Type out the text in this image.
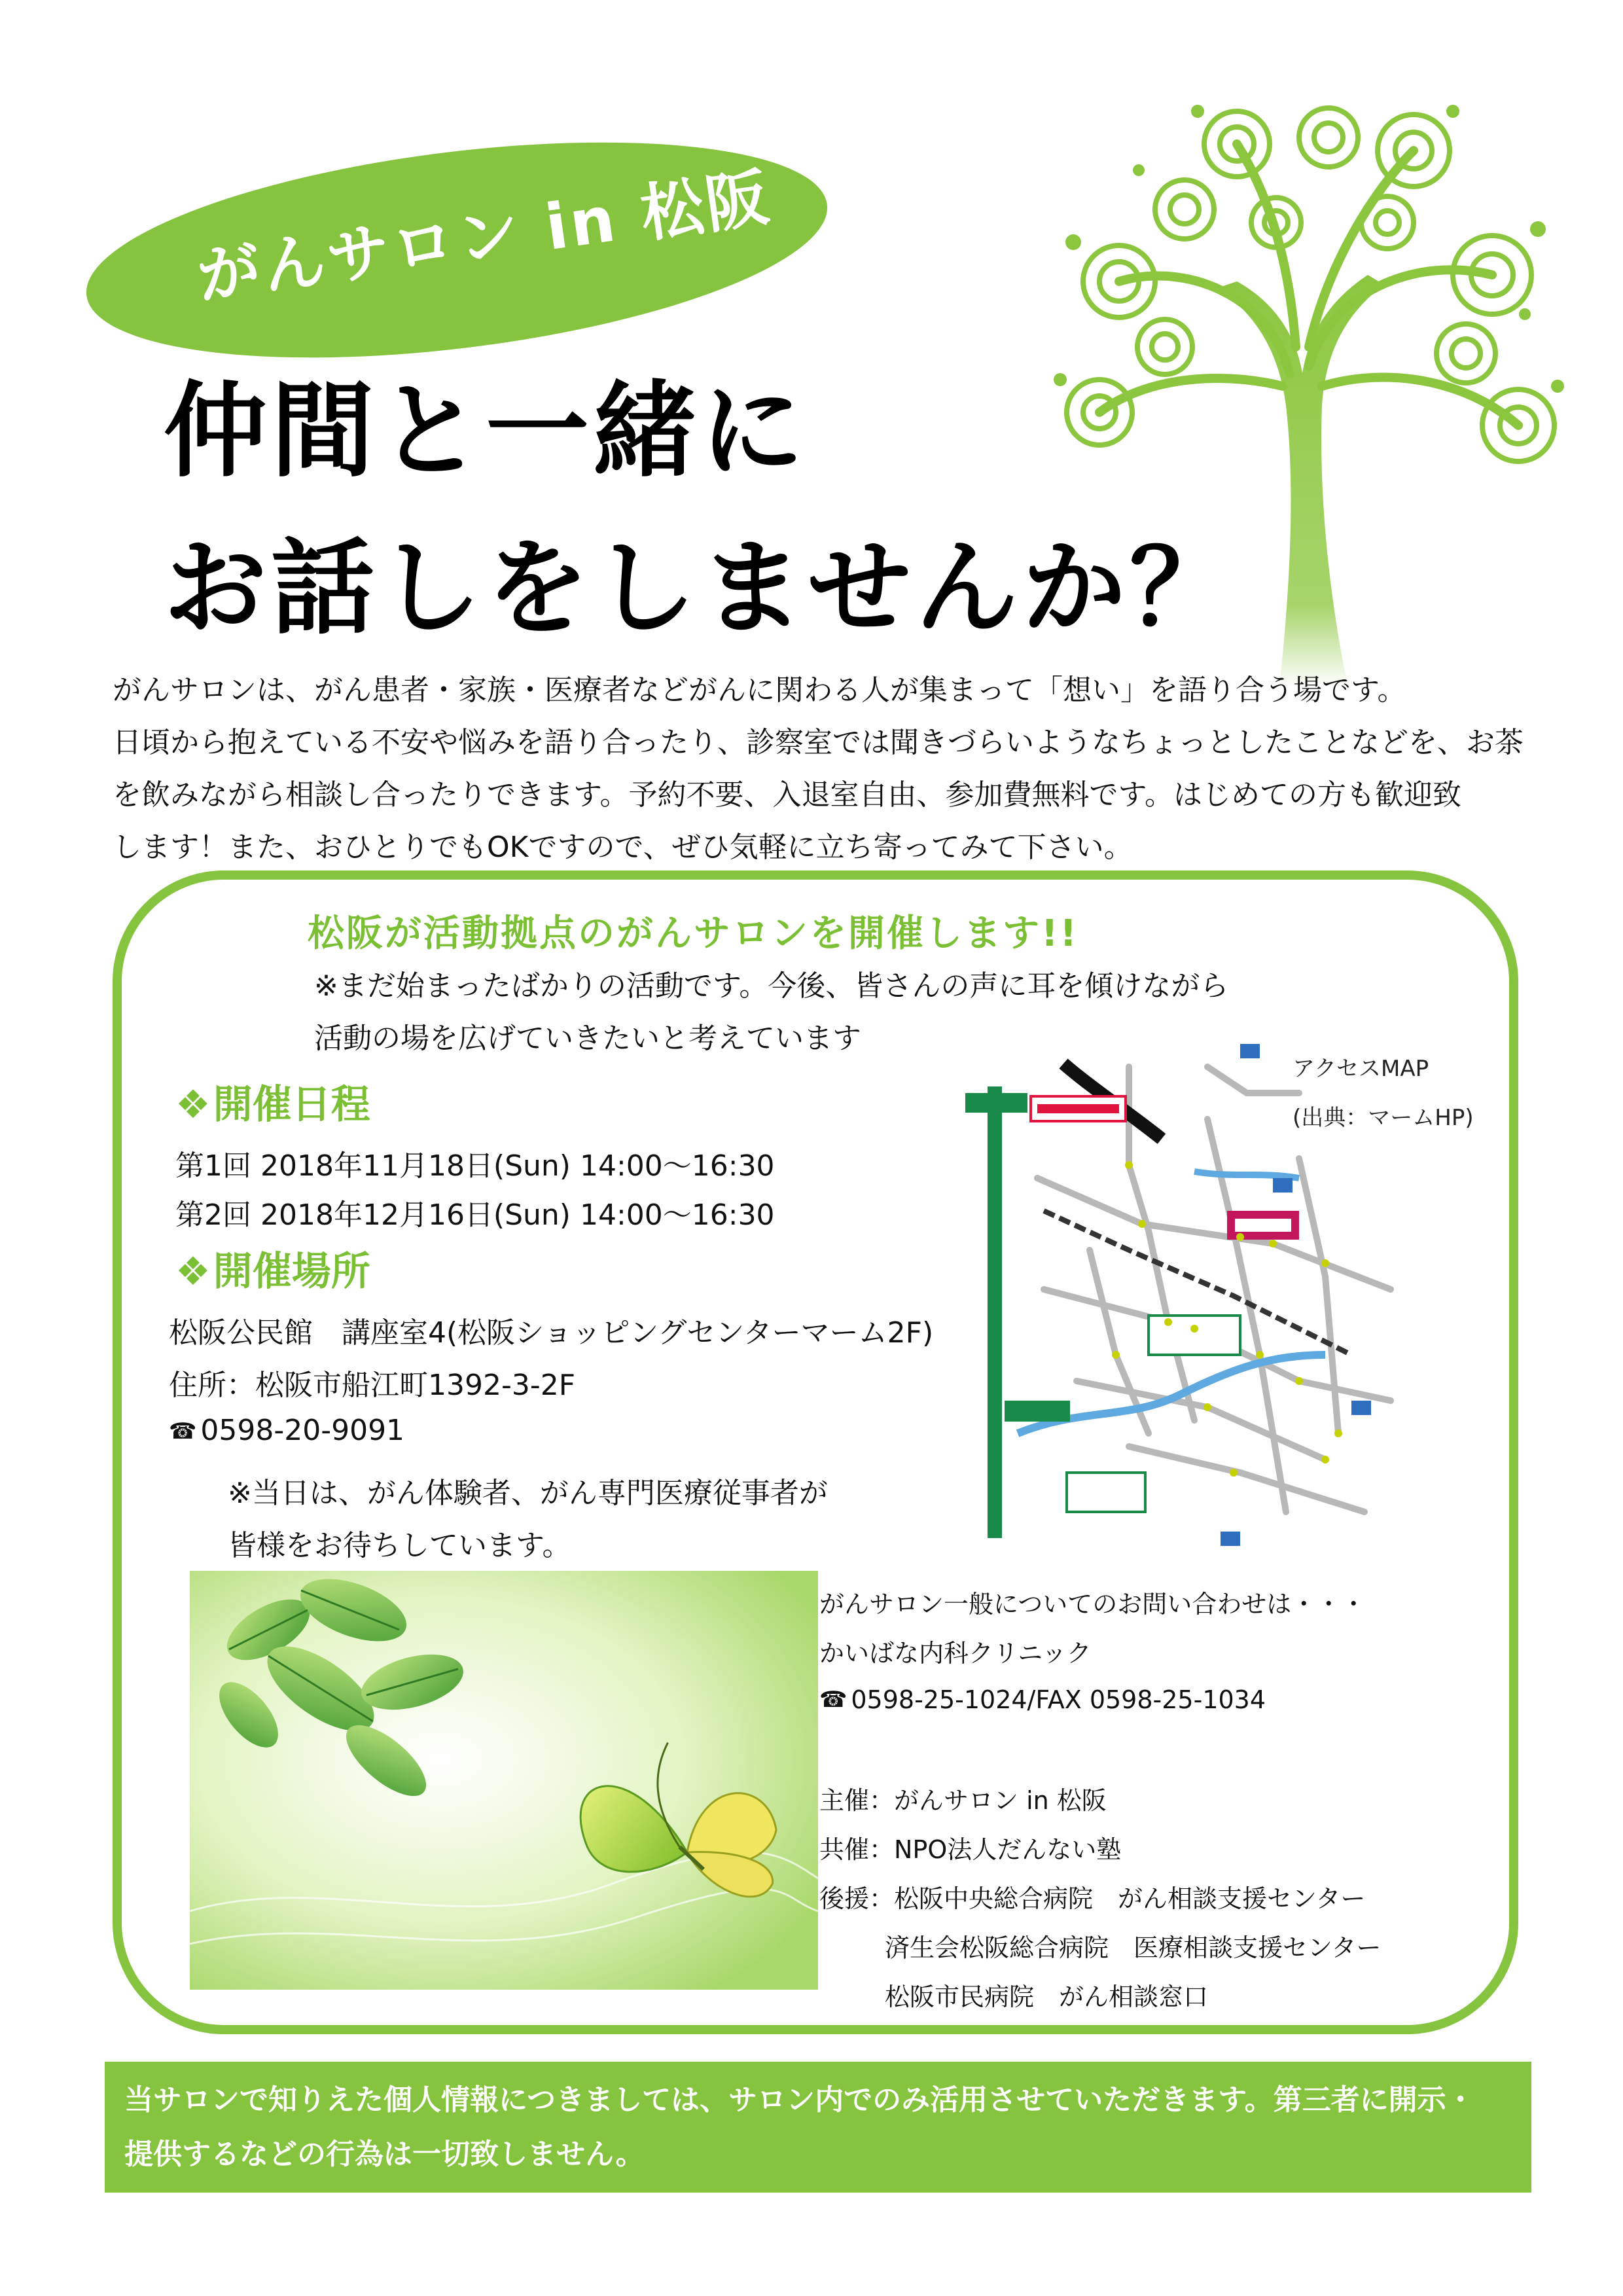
がんサロン in 松阪
仲間と一緒に
お話しをしませんか？

がんサロンは、がん患者・家族・医療者などがんに関わる人が集まって「想い」を語り合う場です。

日頃から抱えている不安や悩みを語り合ったり、診察室では聞きづらいようなちょっとしたことなどを、お茶

を飲みながら相談し合ったりできます。予約不要、入退室自由、参加費無料です。はじめての方も歓迎致

します！また、おひとりでもOKですので、ぜひ気軽に立ち寄ってみて下さい。

松阪が活動拠点のがんサロンを開催します!!
※まだ始まったばかりの活動です。今後、皆さんの声に耳を傾けながら
活動の場を広げていきたいと考えています
❖開催日程
第1回 2018年11月18日(Sun) 14:00～16:30
第2回 2018年12月16日(Sun) 14:00～16:30
❖開催場所
松阪公民館　講座室4(松阪ショッピングセンターマーム2F)
住所：松阪市船江町1392-3-2F
☎ 0598-20-9091
※当日は、がん体験者、がん専門医療従事者が
皆様をお待ちしています。
アクセスMAP
(出典：マームHP)
がんサロン一般についてのお問い合わせは・・・
かいばな内科クリニック
☎ 0598-25-1024/FAX 0598-25-1034
主催：がんサロン in 松阪
共催：NPO法人だんない塾
後援：松阪中央総合病院　がん相談支援センター
済生会松阪総合病院　医療相談支援センター
松阪市民病院　がん相談窓口

当サロンで知りえた個人情報につきましては、サロン内でのみ活用させていただきます。第三者に開示・

提供するなどの行為は一切致しません。
